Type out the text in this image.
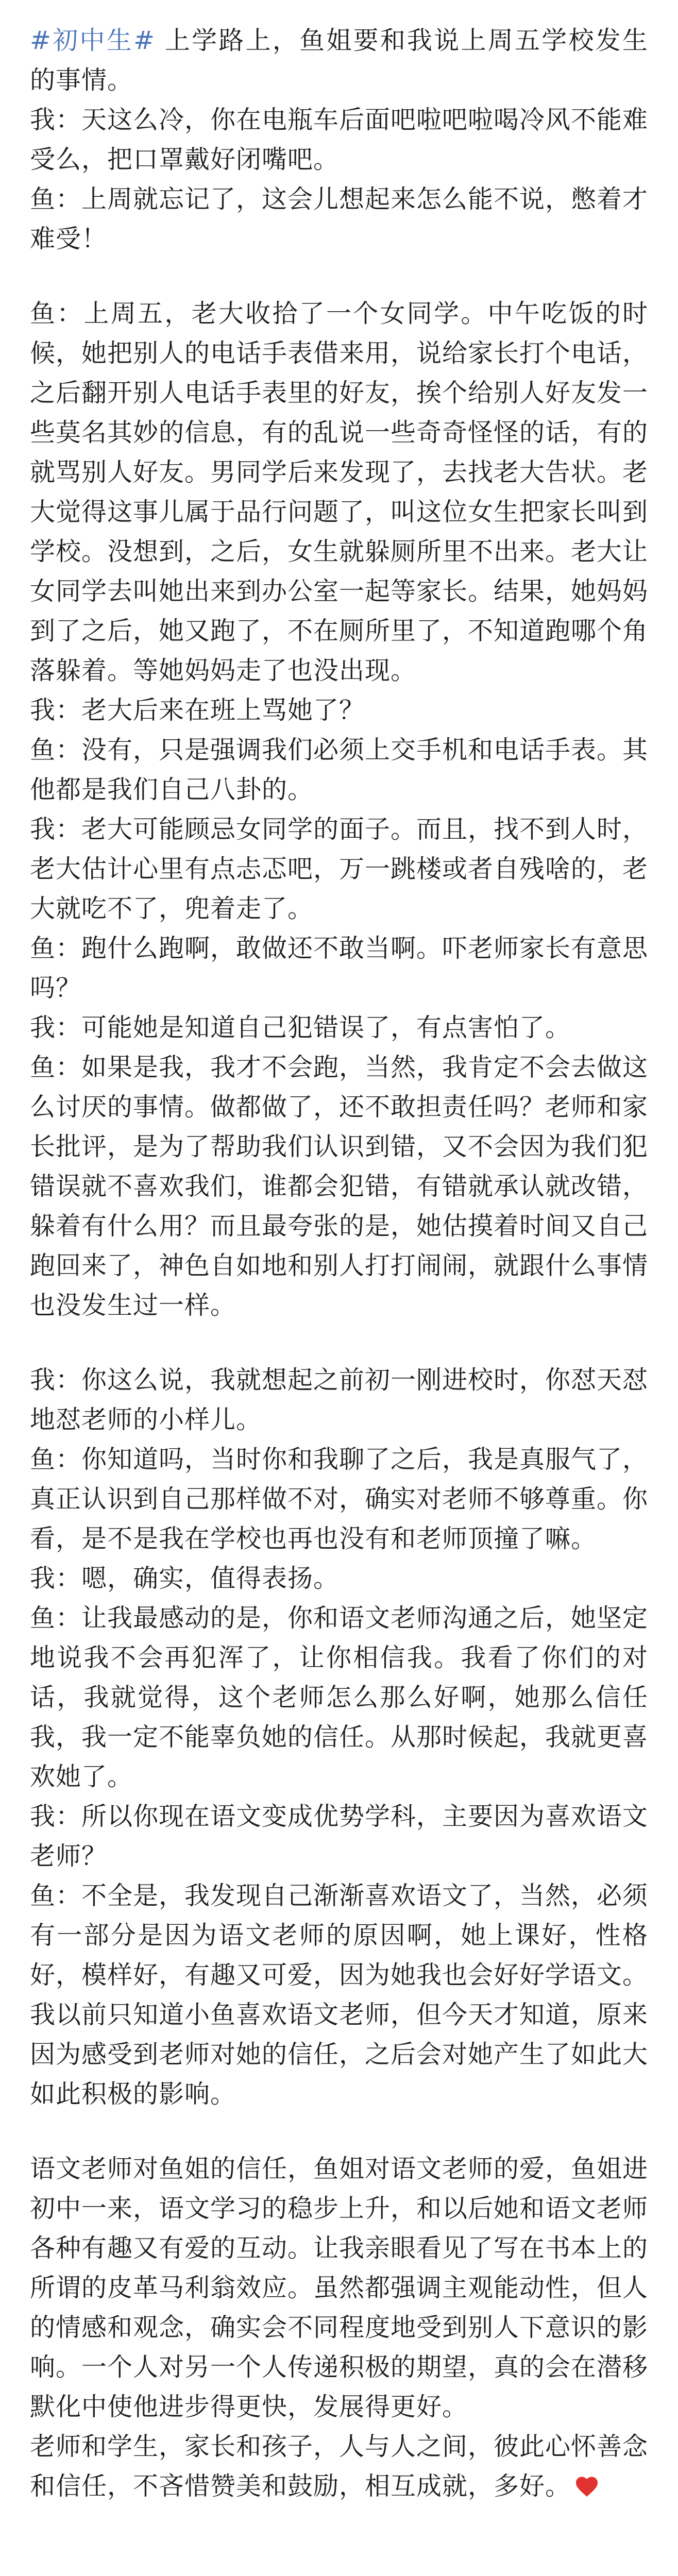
#初中生# 上学路上，鱼姐要和我说上周五学校发生的事情。

我：天这么冷，你在电瓶车后面吧啦吧啦喝冷风不能难受么，把口罩戴好闭嘴吧。

鱼：上周就忘记了，这会儿想起来怎么能不说，憋着才难受！

鱼：上周五，老大收拾了一个女同学。中午吃饭的时候，她把别人的电话手表借来用，说给家长打个电话，之后翻开别人电话手表里的好友，挨个给别人好友发一些莫名其妙的信息，有的乱说一些奇奇怪怪的话，有的就骂别人好友。男同学后来发现了，去找老大告状。老大觉得这事儿属于品行问题了，叫这位女生把家长叫到学校。没想到，之后，女生就躲厕所里不出来。老大让女同学去叫她出来到办公室一起等家长。结果，她妈妈到了之后，她又跑了，不在厕所里了，不知道跑哪个角落躲着。等她妈妈走了也没出现。

我：老大后来在班上骂她了？

鱼：没有，只是强调我们必须上交手机和电话手表。其他都是我们自己八卦的。

我：老大可能顾忌女同学的面子。而且，找不到人时，老大估计心里有点忐忑吧，万一跳楼或者自残啥的，老大就吃不了，兜着走了。

鱼：跑什么跑啊，敢做还不敢当啊。吓老师家长有意思吗？

我：可能她是知道自己犯错误了，有点害怕了。

鱼：如果是我，我才不会跑，当然，我肯定不会去做这么讨厌的事情。做都做了，还不敢担责任吗？老师和家长批评，是为了帮助我们认识到错，又不会因为我们犯错误就不喜欢我们，谁都会犯错，有错就承认就改错，躲着有什么用？而且最夸张的是，她估摸着时间又自己跑回来了，神色自如地和别人打打闹闹，就跟什么事情也没发生过一样。

我：你这么说，我就想起之前初一刚进校时，你怼天怼地怼老师的小样儿。

鱼：你知道吗，当时你和我聊了之后，我是真服气了，真正认识到自己那样做不对，确实对老师不够尊重。你看，是不是我在学校也再也没有和老师顶撞了嘛。

我：嗯，确实，值得表扬。

鱼：让我最感动的是，你和语文老师沟通之后，她坚定地说我不会再犯浑了，让你相信我。我看了你们的对话，我就觉得，这个老师怎么那么好啊，她那么信任我，我一定不能辜负她的信任。从那时候起，我就更喜欢她了。

我：所以你现在语文变成优势学科，主要因为喜欢语文老师？

鱼：不全是，我发现自己渐渐喜欢语文了，当然，必须有一部分是因为语文老师的原因啊，她上课好，性格好，模样好，有趣又可爱，因为她我也会好好学语文。

我以前只知道小鱼喜欢语文老师，但今天才知道，原来因为感受到老师对她的信任，之后会对她产生了如此大如此积极的影响。

语文老师对鱼姐的信任，鱼姐对语文老师的爱，鱼姐进初中一来，语文学习的稳步上升，和以后她和语文老师各种有趣又有爱的互动。让我亲眼看见了写在书本上的所谓的皮革马利翁效应。虽然都强调主观能动性，但人的情感和观念，确实会不同程度地受到别人下意识的影响。一个人对另一个人传递积极的期望，真的会在潜移默化中使他进步得更快，发展得更好。

老师和学生，家长和孩子，人与人之间，彼此心怀善念和信任，不吝惜赞美和鼓励，相互成就，多好。
